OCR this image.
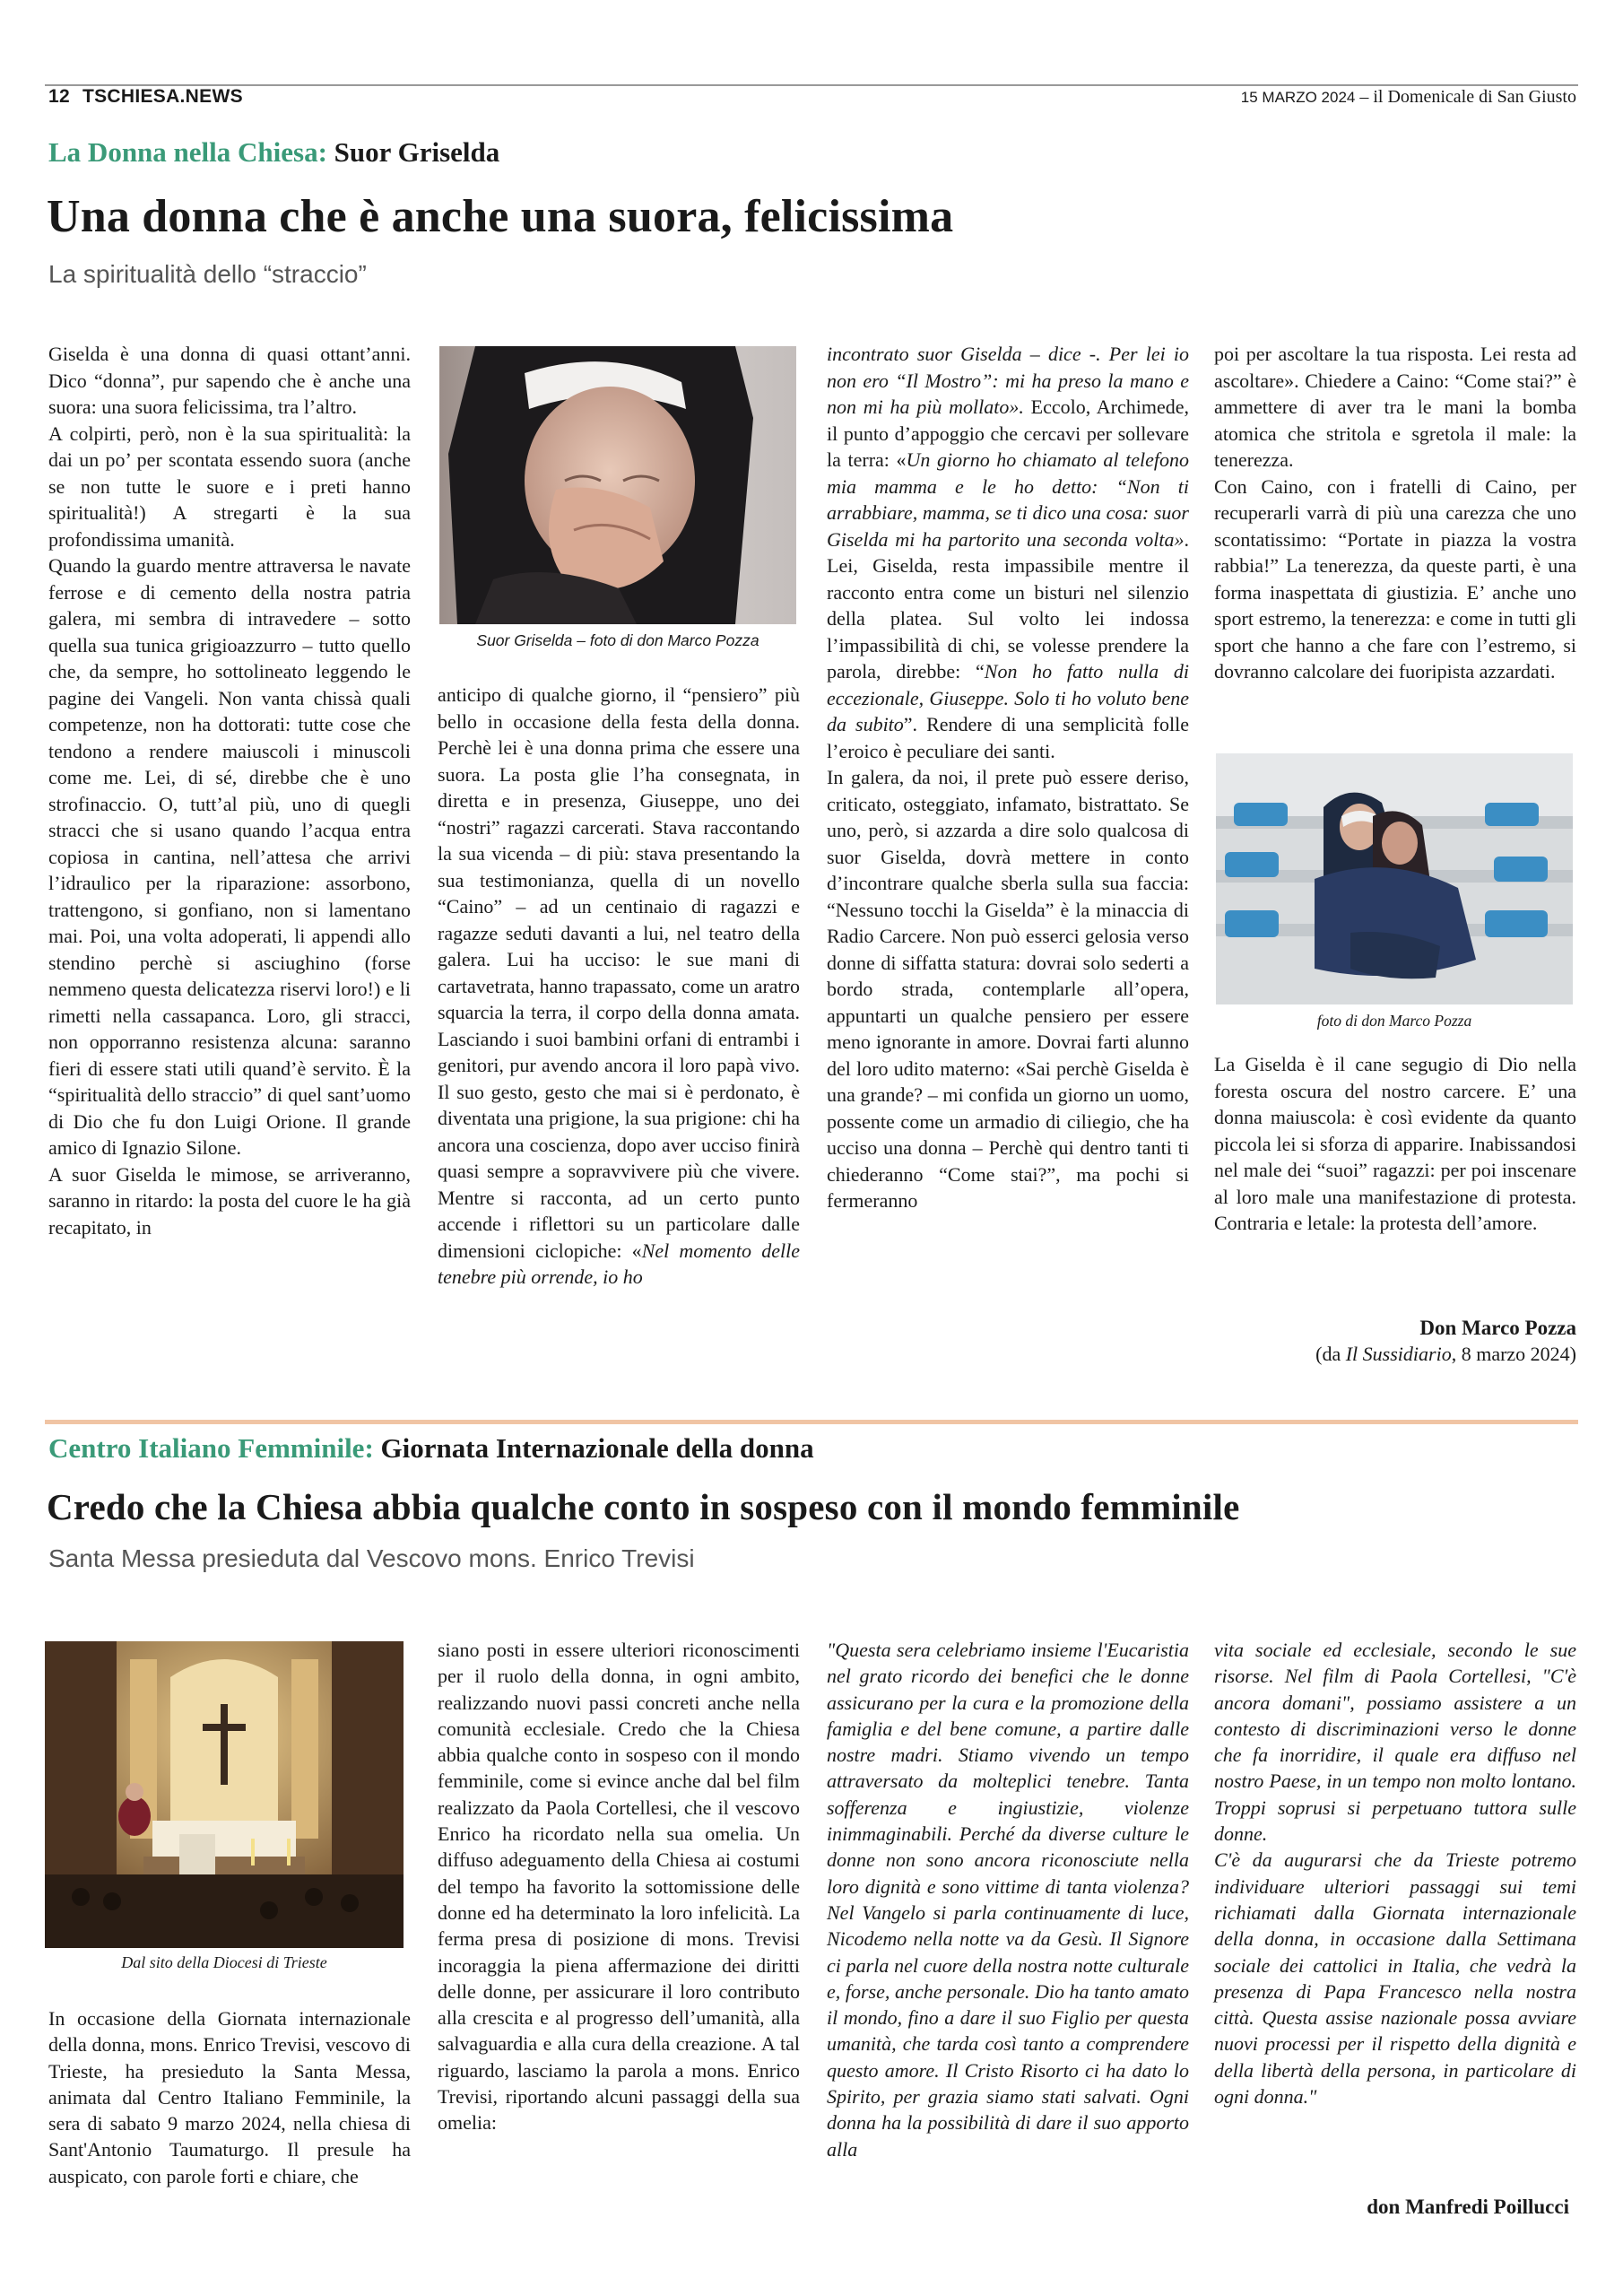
12 TSCHIESA.NEWS	15 MARZO 2024 – il Domenicale di San Giusto
La Donna nella Chiesa: Suor Griselda
Una donna che è anche una suora, felicissima
La spiritualità dello “straccio”

Giselda è una donna di quasi ottant’anni. Dico “donna”, pur sapendo che è anche una suora: una suora felicissima, tra l’altro.

A colpirti, però, non è la sua spiritualità: la dai un po’ per scontata essendo suora (anche se non tutte le suore e i preti hanno spiritualità!) A stregarti è la sua profondissima umanità.

Quando la guardo mentre attraversa le navate ferrose e di cemento della nostra patria galera, mi sembra di intravedere – sotto quella sua tunica grigioazzurro – tutto quello che, da sempre, ho sottolineato leggendo le pagine dei Vangeli. Non vanta chissà quali competenze, non ha dottorati: tutte cose che tendono a rendere maiuscoli i minuscoli come me. Lei, di sé, direbbe che è uno strofinaccio. O, tutt’al più, uno di quegli stracci che si usano quando l’acqua entra copiosa in cantina, nell’attesa che arrivi l’idraulico per la riparazione: assorbono, trattengono, si gonfiano, non si lamentano mai. Poi, una volta adoperati, li appendi allo stendino perchè si asciughino (forse nemmeno questa delicatezza riservi loro!) e li rimetti nella cassapanca. Loro, gli stracci, non opporranno resistenza alcuna: saranno fieri di essere stati utili quand’è servito. È la “spiritualità dello straccio” di quel sant’uomo di Dio che fu don Luigi Orione. Il grande amico di Ignazio Silone.

A suor Giselda le mimose, se arriveranno, saranno in ritardo: la posta del cuore le ha già recapitato, in

Suor Griselda – foto di don Marco Pozza

anticipo di qualche giorno, il “pensiero” più bello in occasione della festa della donna. Perchè lei è una donna prima che essere una suora. La posta glie l’ha consegnata, in diretta e in presenza, Giuseppe, uno dei “nostri” ragazzi carcerati. Stava raccontando la sua vicenda – di più: stava presentando la sua testimonianza, quella di un novello “Caino” – ad un centinaio di ragazzi e ragazze seduti davanti a lui, nel teatro della galera. Lui ha ucciso: le sue mani di cartavetrata, hanno trapassato, come un aratro squarcia la terra, il corpo della donna amata. Lasciando i suoi bambini orfani di entrambi i genitori, pur avendo ancora il loro papà vivo. Il suo gesto, gesto che mai si è perdonato, è diventata una prigione, la sua prigione: chi ha ancora una coscienza, dopo aver ucciso finirà quasi sempre a sopravvivere più che vivere. Mentre si racconta, ad un certo punto accende i riflettori su un particolare dalle dimensioni ciclopiche: «Nel momento delle tenebre più orrende, io ho

incontrato suor Giselda – dice -. Per lei io non ero “Il Mostro”: mi ha preso la mano e non mi ha più mollato». Eccolo, Archimede, il punto d’appoggio che cercavi per sollevare la terra: «Un giorno ho chiamato al telefono mia mamma e le ho detto: “Non ti arrabbiare, mamma, se ti dico una cosa: suor Giselda mi ha partorito una seconda volta». Lei, Giselda, resta impassibile mentre il racconto entra come un bisturi nel silenzio della platea. Sul volto lei indossa l’impassibilità di chi, se volesse prendere la parola, direbbe: “Non ho fatto nulla di eccezionale, Giuseppe. Solo ti ho voluto bene da subito”. Rendere di una semplicità folle l’eroico è peculiare dei santi.

In galera, da noi, il prete può essere deriso, criticato, osteggiato, infamato, bistrattato. Se uno, però, si azzarda a dire solo qualcosa di suor Giselda, dovrà mettere in conto d’incontrare qualche sberla sulla sua faccia: “Nessuno tocchi la Giselda” è la minaccia di Radio Carcere. Non può esserci gelosia verso donne di siffatta statura: dovrai solo sederti a bordo strada, contemplarle all’opera, appuntarti un qualche pensiero per essere meno ignorante in amore. Dovrai farti alunno del loro udito materno: «Sai perchè Giselda è una grande? – mi confida un giorno un uomo, possente come un armadio di ciliegio, che ha ucciso una donna – Perchè qui dentro tanti ti chiederanno “Come stai?”, ma pochi si fermeranno

poi per ascoltare la tua risposta. Lei resta ad ascoltare». Chiedere a Caino: “Come stai?” è ammettere di aver tra le mani la bomba atomica che stritola e sgretola il male: la tenerezza.

Con Caino, con i fratelli di Caino, per recuperarli varrà di più una carezza che uno scontatissimo: “Portate in piazza la vostra rabbia!” La tenerezza, da queste parti, è una forma inaspettata di giustizia. E’ anche uno sport estremo, la tenerezza: e come in tutti gli sport che hanno a che fare con l’estremo, si dovranno calcolare dei fuoripista azzardati.

foto di don Marco Pozza

La Giselda è il cane segugio di Dio nella foresta oscura del nostro carcere. E’ una donna maiuscola: è così evidente da quanto piccola lei si sforza di apparire. Inabissandosi nel male dei “suoi” ragazzi: per poi inscenare al loro male una manifestazione di protesta. Contraria e letale: la protesta dell’amore.

Don Marco Pozza
(da Il Sussidiario, 8 marzo 2024)
Centro Italiano Femminile: Giornata Internazionale della donna
Credo che la Chiesa abbia qualche conto in sospeso con il mondo femminile
Santa Messa presieduta dal Vescovo mons. Enrico Trevisi
Dal sito della Diocesi di Trieste

In occasione della Giornata internazionale della donna, mons. Enrico Trevisi, vescovo di Trieste, ha presieduto la Santa Messa, animata dal Centro Italiano Femminile, la sera di sabato 9 marzo 2024, nella chiesa di Sant'Antonio Taumaturgo. Il presule ha auspicato, con parole forti e chiare, che

siano posti in essere ulteriori riconoscimenti per il ruolo della donna, in ogni ambito, realizzando nuovi passi concreti anche nella comunità ecclesiale. Credo che la Chiesa abbia qualche conto in sospeso con il mondo femminile, come si evince anche dal bel film realizzato da Paola Cortellesi, che il vescovo Enrico ha ricordato nella sua omelia. Un diffuso adeguamento della Chiesa ai costumi del tempo ha favorito la sottomissione delle donne ed ha determinato la loro infelicità. La ferma presa di posizione di mons. Trevisi incoraggia la piena affermazione dei diritti delle donne, per assicurare il loro contributo alla crescita e al progresso dell’umanità, alla salvaguardia e alla cura della creazione. A tal riguardo, lasciamo la parola a mons. Enrico Trevisi, riportando alcuni passaggi della sua omelia:

"Questa sera celebriamo insieme l'Eucaristia nel grato ricordo dei benefici che le donne assicurano per la cura e la promozione della famiglia e del bene comune, a partire dalle nostre madri. Stiamo vivendo un tempo attraversato da molteplici tenebre. Tanta sofferenza e ingiustizie, violenze inimmaginabili. Perché da diverse culture le donne non sono ancora riconosciute nella loro dignità e sono vittime di tanta violenza? Nel Vangelo si parla continuamente di luce, Nicodemo nella notte va da Gesù. Il Signore ci parla nel cuore della nostra notte culturale e, forse, anche personale. Dio ha tanto amato il mondo, fino a dare il suo Figlio per questa umanità, che tarda così tanto a comprendere questo amore. Il Cristo Risorto ci ha dato lo Spirito, per grazia siamo stati salvati. Ogni donna ha la possibilità di dare il suo apporto alla

vita sociale ed ecclesiale, secondo le sue risorse. Nel film di Paola Cortellesi, "C'è ancora domani", possiamo assistere a un contesto di discriminazioni verso le donne che fa inorridire, il quale era diffuso nel nostro Paese, in un tempo non molto lontano. Troppi soprusi si perpetuano tuttora sulle donne.

C'è da augurarsi che da Trieste potremo individuare ulteriori passaggi sui temi richiamati dalla Giornata internazionale della donna, in occasione dalla Settimana sociale dei cattolici in Italia, che vedrà la presenza di Papa Francesco nella nostra città. Questa assise nazionale possa avviare nuovi processi per il rispetto della dignità e della libertà della persona, in particolare di ogni donna."

don Manfredi Poillucci
